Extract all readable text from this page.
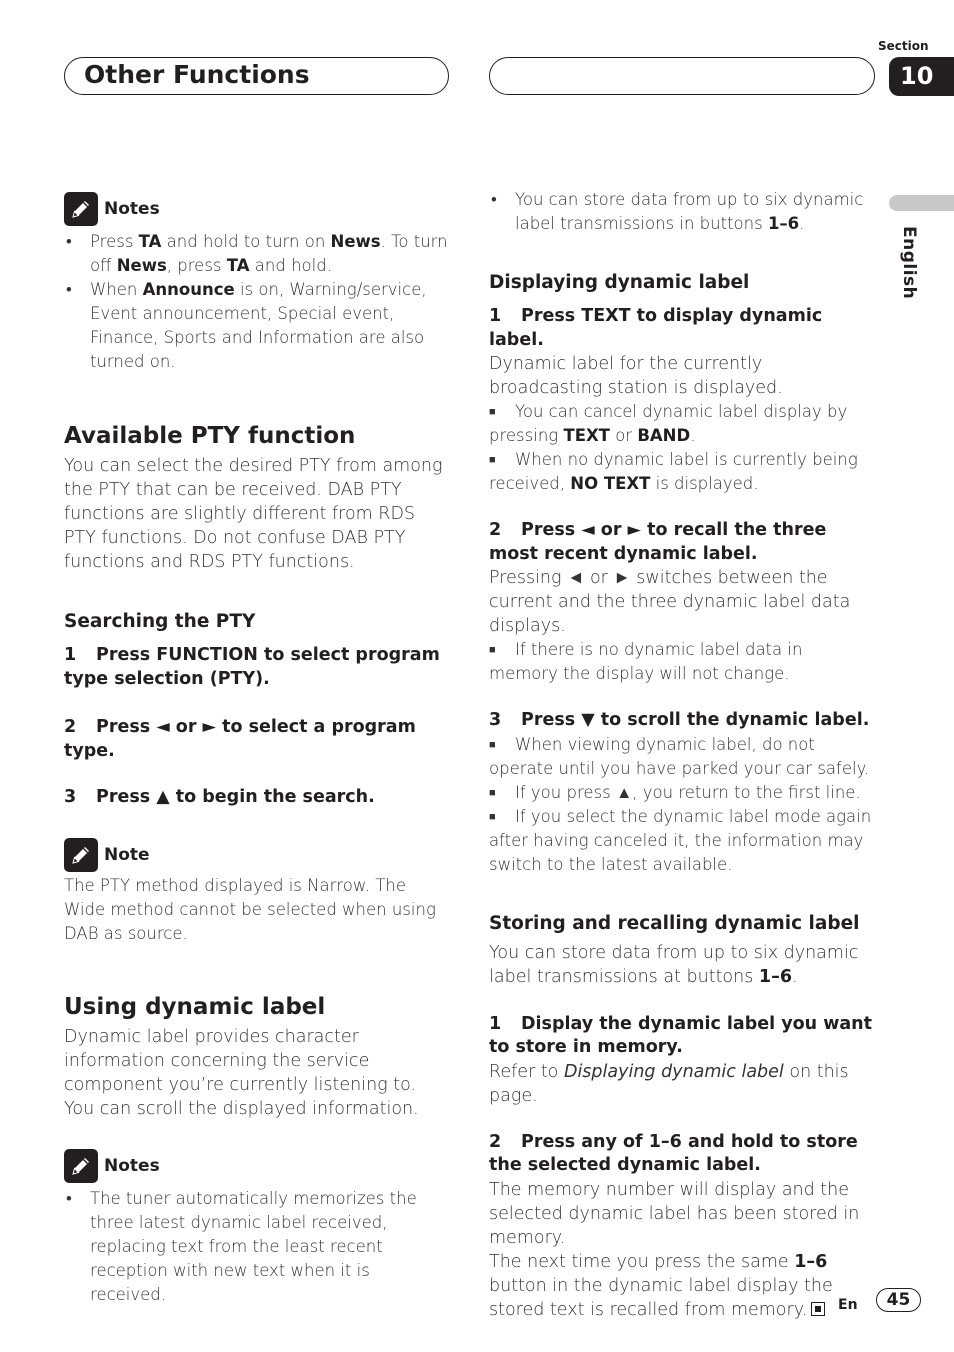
Other Functions
Section
10
English
Notes
• Press TA and hold to turn on News. To turn off News, press TA and hold.
• When Announce is on, Warning/service, Event announcement, Special event, Finance, Sports and Information are also turned on.
Available PTY function

You can select the desired PTY from among the PTY that can be received. DAB PTY functions are slightly different from RDS PTY functions. Do not confuse DAB PTY functions and RDS PTY functions.

Searching the PTY

1 Press FUNCTION to select program type selection (PTY).

2 Press ◄ or ► to select a program type.

3 Press ▲ to begin the search.

Note

The PTY method displayed is Narrow. The Wide method cannot be selected when using DAB as source.

Using dynamic label

Dynamic label provides character information concerning the service component you’re currently listening to. You can scroll the displayed information.

Notes
• The tuner automatically memorizes the three latest dynamic label received, replacing text from the least recent reception with new text when it is received.
• You can store data from up to six dynamic label transmissions in buttons 1–6.
Displaying dynamic label

1 Press TEXT to display dynamic label.

Dynamic label for the currently broadcasting station is displayed.

■ You can cancel dynamic label display by pressing TEXT or BAND.

■ When no dynamic label is currently being received, NO TEXT is displayed.

2 Press ◄ or ► to recall the three most recent dynamic label.

Pressing ◄ or ► switches between the current and the three dynamic label data displays.

■ If there is no dynamic label data in memory the display will not change.

3 Press ▼ to scroll the dynamic label.

■ When viewing dynamic label, do not operate until you have parked your car safely.

■ If you press ▲, you return to the first line.

■ If you select the dynamic label mode again after having canceled it, the information may switch to the latest available.

Storing and recalling dynamic label

You can store data from up to six dynamic label transmissions at buttons 1–6.

1 Display the dynamic label you want to store in memory.

Refer to Displaying dynamic label on this page.

2 Press any of 1–6 and hold to store the selected dynamic label.

The memory number will display and the selected dynamic label has been stored in memory.

The next time you press the same 1–6 button in the dynamic label display the stored text is recalled from memory.	En	45
